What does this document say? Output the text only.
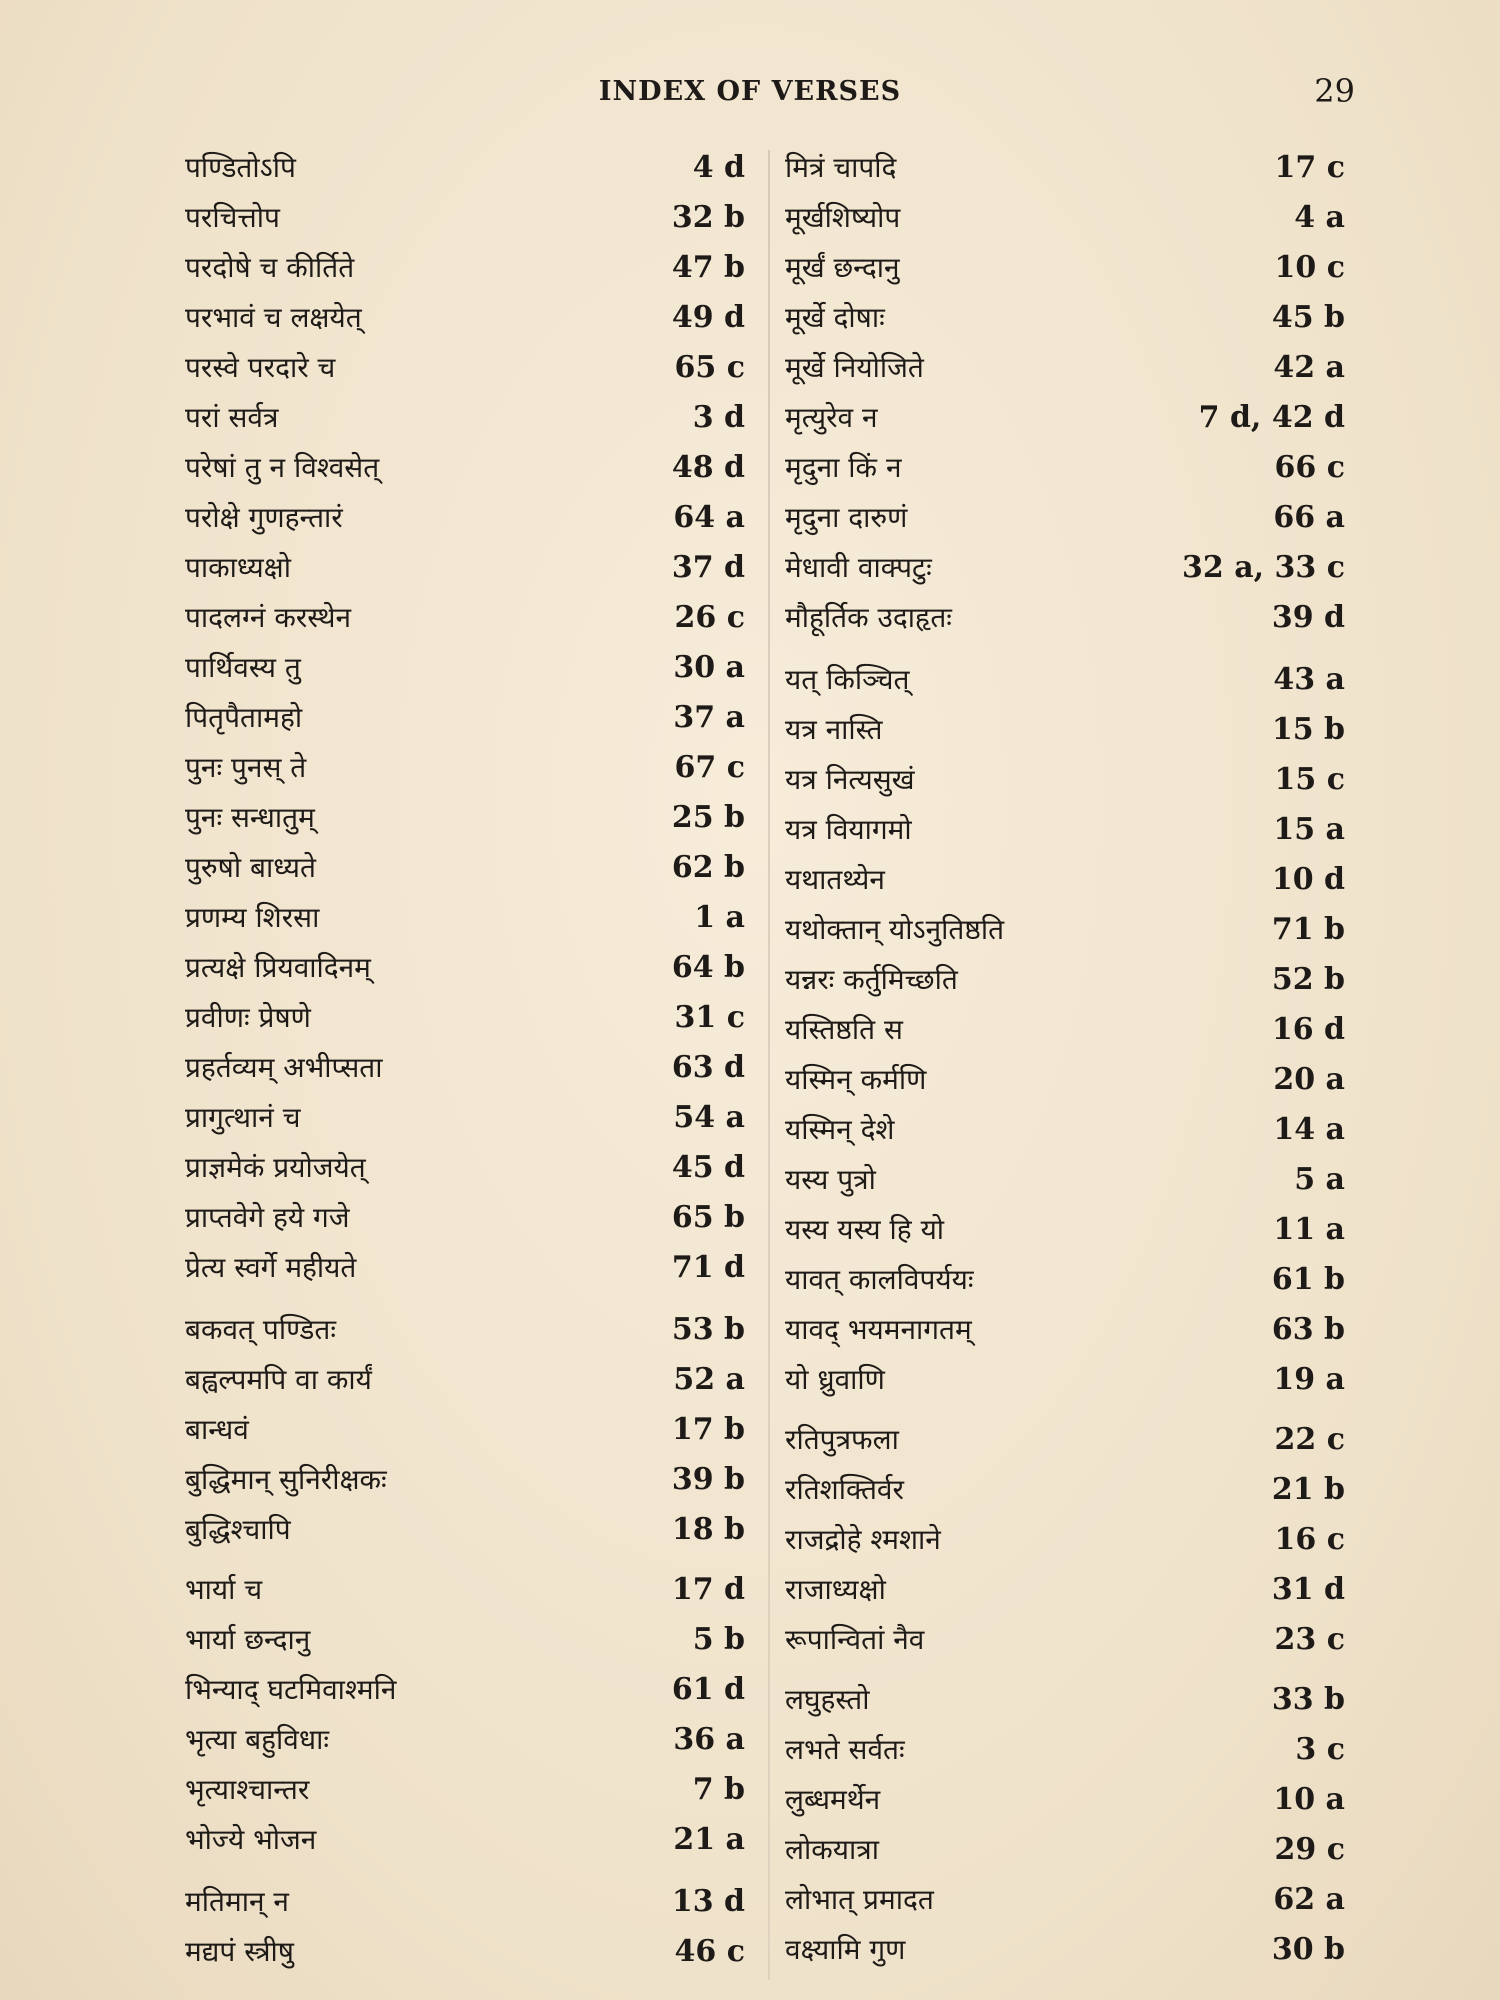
INDEX OF VERSES	29
पण्डितोऽपि	4 d
परचित्तोप	32 b
परदोषे च कीर्तिते	47 b
परभावं च लक्षयेत्	49 d
परस्वे परदारे च	65 c
परां सर्वत्र	3 d
परेषां तु न विश्वसेत्	48 d
परोक्षे गुणहन्तारं	64 a
पाकाध्यक्षो	37 d
पादलग्नं करस्थेन	26 c
पार्थिवस्य तु	30 a
पितृपैतामहो	37 a
पुनः पुनस् ते	67 c
पुनः सन्धातुम्	25 b
पुरुषो बाध्यते	62 b
प्रणम्य शिरसा	1 a
प्रत्यक्षे प्रियवादिनम्	64 b
प्रवीणः प्रेषणे	31 c
प्रहर्तव्यम् अभीप्सता	63 d
प्रागुत्थानं च	54 a
प्राज्ञमेकं प्रयोजयेत्	45 d
प्राप्तवेगे हये गजे	65 b
प्रेत्य स्वर्गे महीयते	71 d
बकवत् पण्डितः	53 b
बह्वल्पमपि वा कार्यं	52 a
बान्धवं	17 b
बुद्धिमान् सुनिरीक्षकः	39 b
बुद्धिश्चापि	18 b
भार्या च	17 d
भार्या छन्दानु	5 b
भिन्याद् घटमिवाश्मनि	61 d
भृत्या बहुविधाः	36 a
भृत्याश्चान्तर	7 b
भोज्ये भोजन	21 a
मतिमान् न	13 d
मद्यपं स्त्रीषु	46 c
मित्रं चापदि	17 c
मूर्खशिष्योप	4 a
मूर्खं छन्दानु	10 c
मूर्खे दोषाः	45 b
मूर्खे नियोजिते	42 a
मृत्युरेव न	7 d, 42 d
मृदुना किं न	66 c
मृदुना दारुणं	66 a
मेधावी वाक्पटुः	32 a, 33 c
मौहूर्तिक उदाहृतः	39 d
यत् किञ्चित्	43 a
यत्र नास्ति	15 b
यत्र नित्यसुखं	15 c
यत्र वियागमो	15 a
यथातथ्येन	10 d
यथोक्तान् योऽनुतिष्ठति	71 b
यन्नरः कर्तुमिच्छति	52 b
यस्तिष्ठति स	16 d
यस्मिन् कर्मणि	20 a
यस्मिन् देशे	14 a
यस्य पुत्रो	5 a
यस्य यस्य हि यो	11 a
यावत् कालविपर्ययः	61 b
यावद् भयमनागतम्	63 b
यो ध्रुवाणि	19 a
रतिपुत्रफला	22 c
रतिशक्तिर्वर	21 b
राजद्रोहे श्मशाने	16 c
राजाध्यक्षो	31 d
रूपान्वितां नैव	23 c
लघुहस्तो	33 b
लभते सर्वतः	3 c
लुब्धमर्थेन	10 a
लोकयात्रा	29 c
लोभात् प्रमादत	62 a
वक्ष्यामि गुण	30 b
